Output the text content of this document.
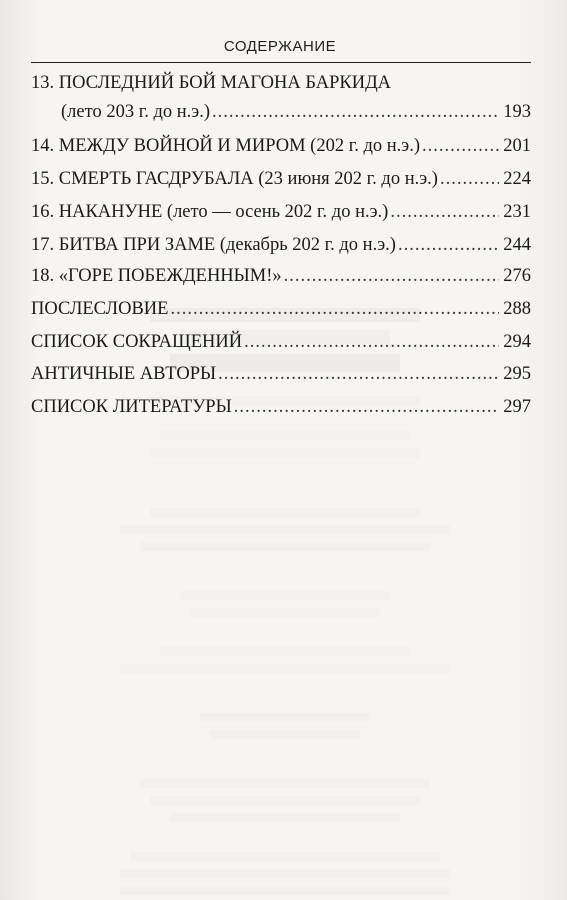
СОДЕРЖАНИЕ
13. ПОСЛЕДНИЙ БОЙ МАГОНА БАРКИДА
(лето 203 г. до н.э.) .....	193
14. МЕЖДУ ВОЙНОЙ И МИРОМ (202 г. до н.э.) .....	201
15. СМЕРТЬ ГАСДРУБАЛА (23 июня 202 г. до н.э.) .....	224
16. НАКАНУНЕ (лето — осень 202 г. до н.э.) .....	231
17. БИТВА ПРИ ЗАМЕ (декабрь 202 г. до н.э.) .....	244
18. «ГОРЕ ПОБЕЖДЕННЫМ!» .....	276
ПОСЛЕСЛОВИЕ .....	288
СПИСОК СОКРАЩЕНИЙ .....	294
АНТИЧНЫЕ АВТОРЫ .....	295
СПИСОК ЛИТЕРАТУРЫ .....	297
